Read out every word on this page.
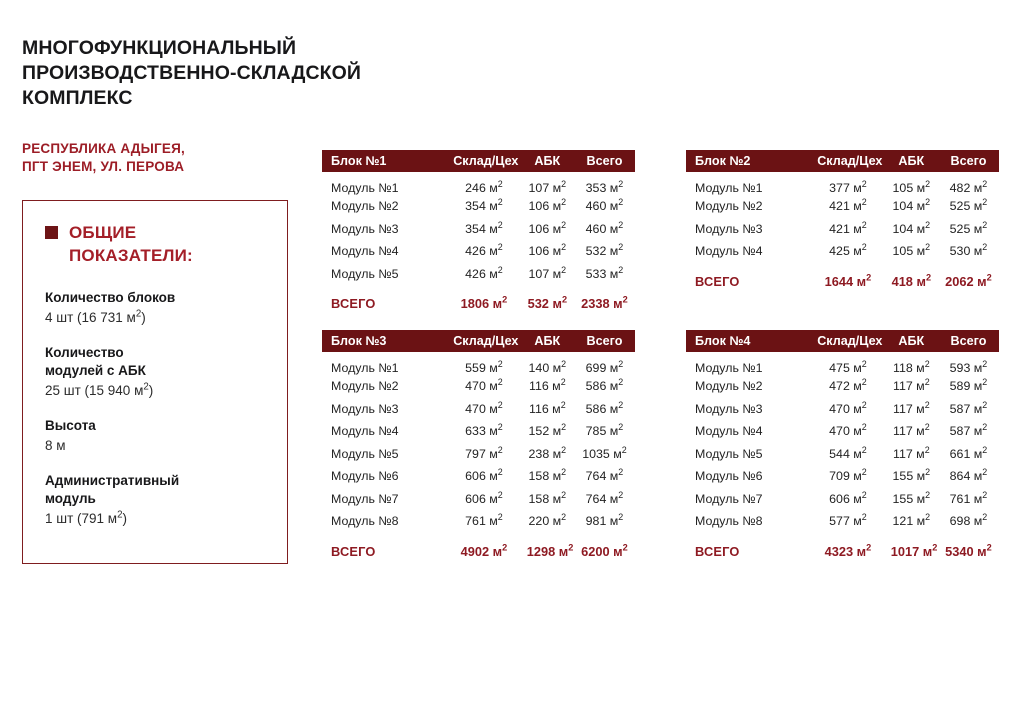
МНОГОФУНКЦИОНАЛЬНЫЙ
ПРОИЗВОДСТВЕННО-СКЛАДСКОЙ
КОМПЛЕКС
РЕСПУБЛИКА АДЫГЕЯ,
ПГТ ЭНЕМ, УЛ. ПЕРОВА
ОБЩИЕ
ПОКАЗАТЕЛИ:
Количество блоков
4 шт (16 731 $м^2$)
Количество
модулей с АБК
25 шт (15 940 $м^2$)
Высота
8 м
Административный
модуль
1 шт (791 $м^2$)
Блок №1	Склад/Цех	АБК	Всего
Модуль №1	246 $м^2$	107 $м^2$	353 $м^2$
Модуль №2	354 $м^2$	106 $м^2$	460 $м^2$
Модуль №3	354 $м^2$	106 $м^2$	460 $м^2$
Модуль №4	426 $м^2$	106 $м^2$	532 $м^2$
Модуль №5	426 $м^2$	107 $м^2$	533 $м^2$
ВСЕГО	1806 $м^2$	532 $м^2$	2338 $м^2$
Блок №2	Склад/Цех	АБК	Всего
Модуль №1	377 $м^2$	105 $м^2$	482 $м^2$
Модуль №2	421 $м^2$	104 $м^2$	525 $м^2$
Модуль №3	421 $м^2$	104 $м^2$	525 $м^2$
Модуль №4	425 $м^2$	105 $м^2$	530 $м^2$
ВСЕГО	1644 $м^2$	418 $м^2$	2062 $м^2$
Блок №3	Склад/Цех	АБК	Всего
Модуль №1	559 $м^2$	140 $м^2$	699 $м^2$
Модуль №2	470 $м^2$	116 $м^2$	586 $м^2$
Модуль №3	470 $м^2$	116 $м^2$	586 $м^2$
Модуль №4	633 $м^2$	152 $м^2$	785 $м^2$
Модуль №5	797 $м^2$	238 $м^2$	1035 $м^2$
Модуль №6	606 $м^2$	158 $м^2$	764 $м^2$
Модуль №7	606 $м^2$	158 $м^2$	764 $м^2$
Модуль №8	761 $м^2$	220 $м^2$	981 $м^2$
ВСЕГО	4902 $м^2$	1298 $м^2$	6200 $м^2$
Блок №4	Склад/Цех	АБК	Всего
Модуль №1	475 $м^2$	118 $м^2$	593 $м^2$
Модуль №2	472 $м^2$	117 $м^2$	589 $м^2$
Модуль №3	470 $м^2$	117 $м^2$	587 $м^2$
Модуль №4	470 $м^2$	117 $м^2$	587 $м^2$
Модуль №5	544 $м^2$	117 $м^2$	661 $м^2$
Модуль №6	709 $м^2$	155 $м^2$	864 $м^2$
Модуль №7	606 $м^2$	155 $м^2$	761 $м^2$
Модуль №8	577 $м^2$	121 $м^2$	698 $м^2$
ВСЕГО	4323 $м^2$	1017 $м^2$	5340 $м^2$
